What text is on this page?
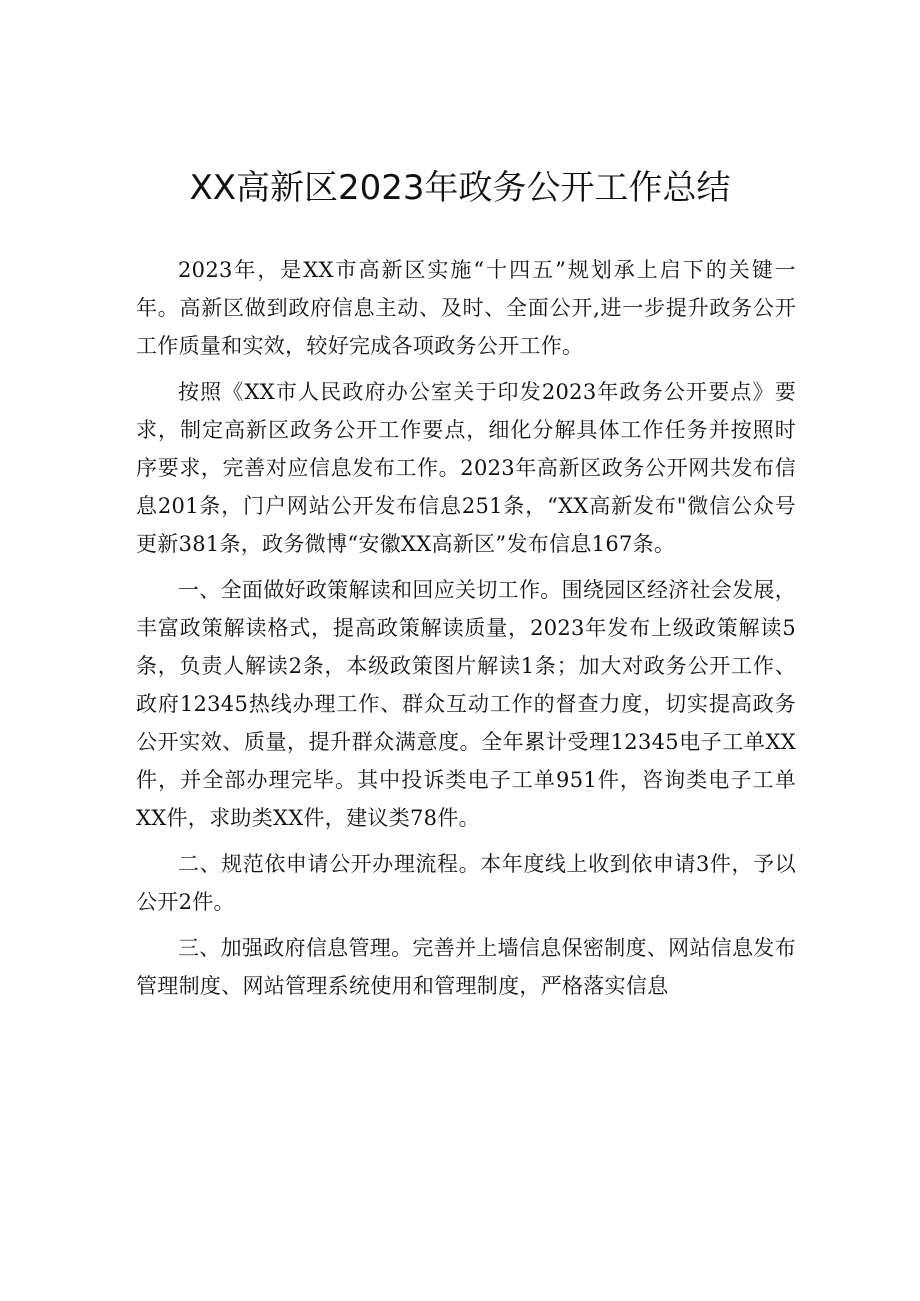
XX高新区2023年政务公开工作总结

2023年，是XX市高新区实施“十四五”规划承上启下的关键一年。高新区做到政府信息主动、及时、全面公开,进一步提升政务公开工作质量和实效，较好完成各项政务公开工作。

按照《XX市人民政府办公室关于印发2023年政务公开要点》要求，制定高新区政务公开工作要点，细化分解具体工作任务并按照时序要求，完善对应信息发布工作。2023年高新区政务公开网共发布信息201条，门户网站公开发布信息251条，“XX高新发布"微信公众号更新381条，政务微博“安徽XX高新区”发布信息167条。

一、全面做好政策解读和回应关切工作。围绕园区经济社会发展，丰富政策解读格式，提高政策解读质量，2023年发布上级政策解读5条，负责人解读2条，本级政策图片解读1条；加大对政务公开工作、政府12345热线办理工作、群众互动工作的督查力度，切实提高政务公开实效、质量，提升群众满意度。全年累计受理12345电子工单XX件，并全部办理完毕。其中投诉类电子工单951件，咨询类电子工单XX件，求助类XX件，建议类78件。

二、规范依申请公开办理流程。本年度线上收到依申请3件，予以公开2件。

三、加强政府信息管理。完善并上墙信息保密制度、网站信息发布管理制度、网站管理系统使用和管理制度，严格落实信息
